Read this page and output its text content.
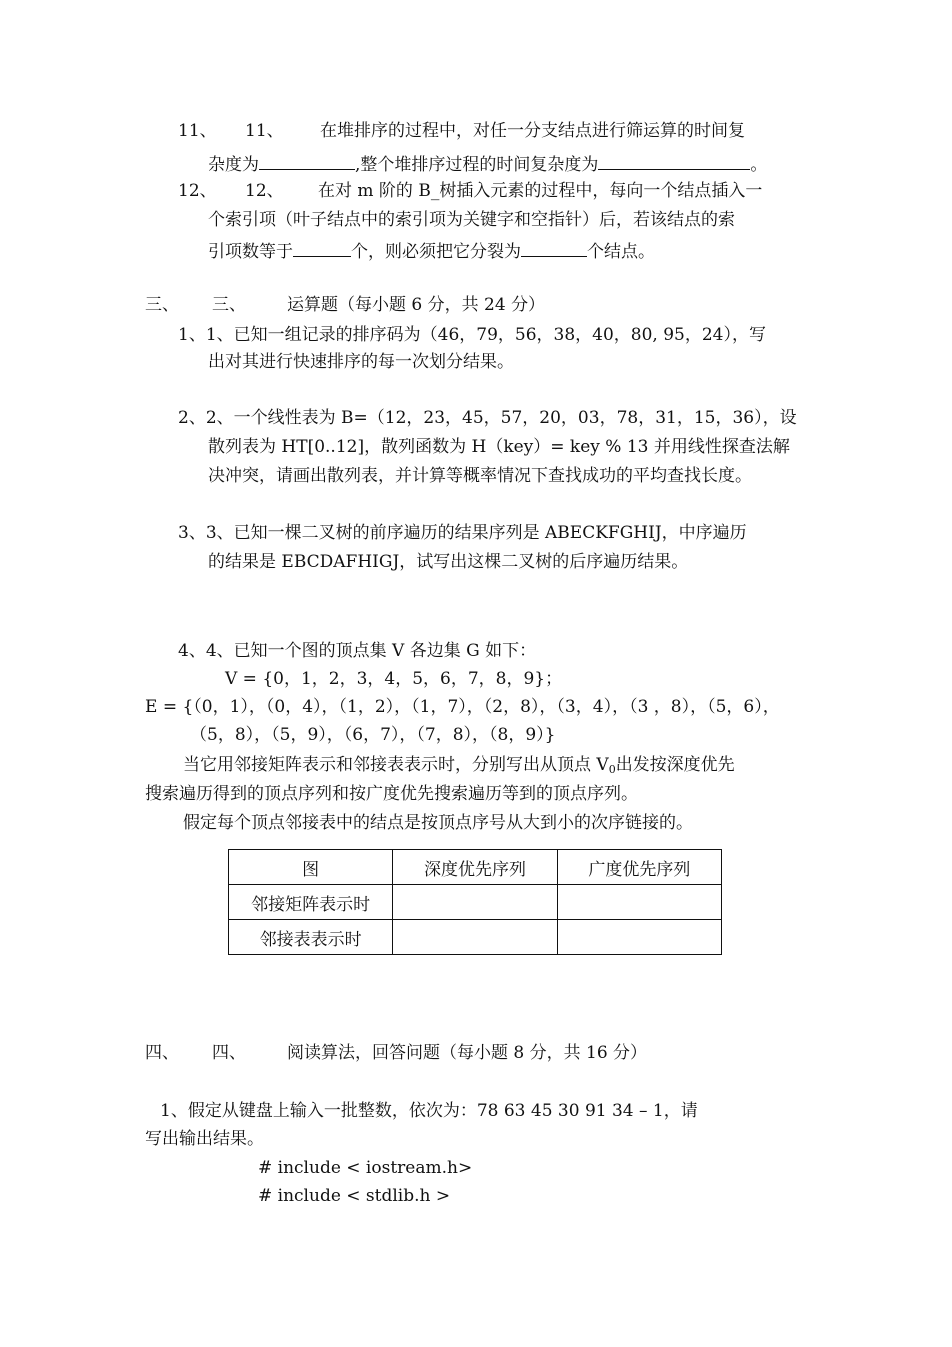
11、 11、 在堆排序的过程中，对任一分支结点进行筛运算的时间复
杂度为	,整个堆排序过程的时间复杂度为	。
12、 12、 在对 m 阶的 B_树插入元素的过程中，每向一个结点插入一
个索引项（叶子结点中的索引项为关键字和空指针）后，若该结点的索
引项数等于	个，则必须把它分裂为	个结点。
三、 三、 运算题（每小题 6 分，共 24 分）
1、1、已知一组记录的排序码为（46，79，56，38，40，80, 95，24），写
出对其进行快速排序的每一次划分结果。
2、2、一个线性表为 B=（12，23，45，57，20，03，78，31，15，36），设
散列表为 HT[0..12]，散列函数为 H（key）= key % 13 并用线性探查法解
决冲突，请画出散列表，并计算等概率情况下查找成功的平均查找长度。
3、3、已知一棵二叉树的前序遍历的结果序列是 ABECKFGHIJ，中序遍历
的结果是 EBCDAFHIGJ，试写出这棵二叉树的后序遍历结果。
4、4、已知一个图的顶点集 V 各边集 G 如下：
V = {0，1，2，3，4，5，6，7，8，9}；
E = {（0，1），（0，4），（1，2），（1，7），（2，8），（3，4），（3 ，8），（5，6），
（5，8），（5，9），（6，7），（7，8），（8，9）}
当它用邻接矩阵表示和邻接表表示时，分别写出从顶点 $V_0$出发按深度优先
搜索遍历得到的顶点序列和按广度优先搜索遍历等到的顶点序列。
假定每个顶点邻接表中的结点是按顶点序号从大到小的次序链接的。
图	深度优先序列	广度优先序列
邻接矩阵表示时		
邻接表表示时		
四、 四、 阅读算法，回答问题（每小题 8 分，共 16 分）
1、假定从键盘上输入一批整数，依次为：78 63 45 30 91 34 – 1，请
写出输出结果。
# include < iostream.h>
# include < stdlib.h >
